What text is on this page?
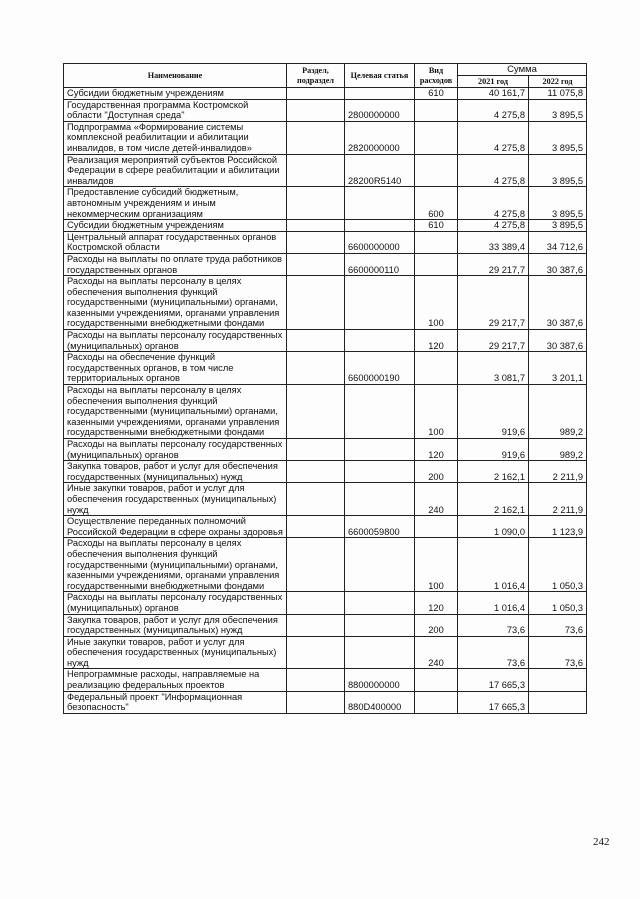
Наименование	Раздел, подраздел	Целевая статья	Вид расходов	Сумма	
				2021 год	2022 год
Субсидии бюджетным учреждениям			610	40 161,7	11 075,8
Государственная программа Костромской области "Доступная среда"		2800000000		4 275,8	3 895,5
Подпрограмма «Формирование системы комплексной реабилитации и абилитации инвалидов, в том числе детей-инвалидов»		2820000000		4 275,8	3 895,5
Реализация мероприятий субъектов Российской Федерации в сфере реабилитации и абилитации инвалидов		28200R5140		4 275,8	3 895,5
Предоставление субсидий бюджетным, автономным учреждениям и иным некоммерческим организациям			600	4 275,8	3 895,5
Субсидии бюджетным учреждениям			610	4 275,8	3 895,5
Центральный аппарат государственных органов Костромской области		6600000000		33 389,4	34 712,6
Расходы на выплаты по оплате труда работников государственных органов		6600000110		29 217,7	30 387,6
Расходы на выплаты персоналу в целях обеспечения выполнения функций государственными (муниципальными) органами, казенными учреждениями, органами управления государственными внебюджетными фондами			100	29 217,7	30 387,6
Расходы на выплаты персоналу государственных (муниципальных) органов			120	29 217,7	30 387,6
Расходы на обеспечение функций государственных органов, в том числе территориальных органов		6600000190		3 081,7	3 201,1
Расходы на выплаты персоналу в целях обеспечения выполнения функций государственными (муниципальными) органами, казенными учреждениями, органами управления государственными внебюджетными фондами			100	919,6	989,2
Расходы на выплаты персоналу государственных (муниципальных) органов			120	919,6	989,2
Закупка товаров, работ и услуг для обеспечения государственных (муниципальных) нужд			200	2 162,1	2 211,9
Иные закупки товаров, работ и услуг для обеспечения государственных (муниципальных) нужд			240	2 162,1	2 211,9
Осуществление переданных полномочий Российской Федерации в сфере охраны здоровья		6600059800		1 090,0	1 123,9
Расходы на выплаты персоналу в целях обеспечения выполнения функций государственными (муниципальными) органами, казенными учреждениями, органами управления государственными внебюджетными фондами			100	1 016,4	1 050,3
Расходы на выплаты персоналу государственных (муниципальных) органов			120	1 016,4	1 050,3
Закупка товаров, работ и услуг для обеспечения государственных (муниципальных) нужд			200	73,6	73,6
Иные закупки товаров, работ и услуг для обеспечения государственных (муниципальных) нужд			240	73,6	73,6
Непрограммные расходы, направляемые на реализацию федеральных проектов		8800000000		17 665,3	
Федеральный проект "Информационная безопасность"		880D400000		17 665,3	
242
